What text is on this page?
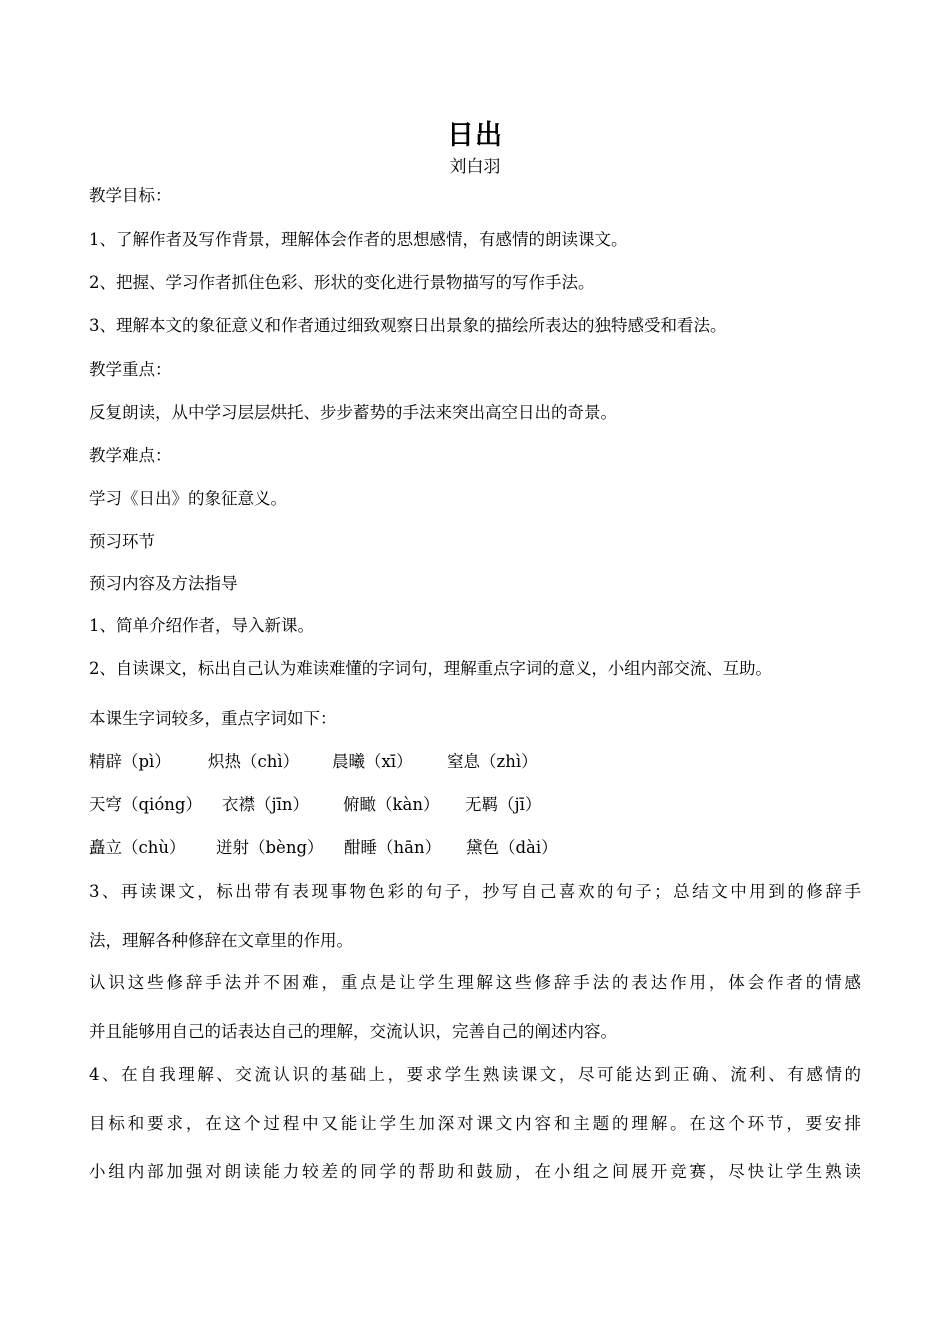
日出
刘白羽
教学目标：
1、了解作者及写作背景，理解体会作者的思想感情，有感情的朗读课文。
2、把握、学习作者抓住色彩、形状的变化进行景物描写的写作手法。
3、理解本文的象征意义和作者通过细致观察日出景象的描绘所表达的独特感受和看法。
教学重点：
反复朗读，从中学习层层烘托、步步蓄势的手法来突出高空日出的奇景。
教学难点：
学习《日出》的象征意义。
预习环节
预习内容及方法指导
1、简单介绍作者，导入新课。
2、自读课文，标出自己认为难读难懂的字词句，理解重点字词的意义，小组内部交流、互助。
本课生字词较多，重点字词如下：
精辟（pì） 炽热（chì） 晨曦（xī） 窒息（zhì）
天穹（qióng） 衣襟（jīn） 俯瞰（kàn） 无羁（jī）
矗立（chù） 迸射（bèng） 酣睡（hān） 黛色（dài）
3、再读课文，标出带有表现事物色彩的句子，抄写自己喜欢的句子；总结文中用到的修辞手
法，理解各种修辞在文章里的作用。
认识这些修辞手法并不困难，重点是让学生理解这些修辞手法的表达作用，体会作者的情感
并且能够用自己的话表达自己的理解，交流认识，完善自己的阐述内容。
4、在自我理解、交流认识的基础上，要求学生熟读课文，尽可能达到正确、流利、有感情的
目标和要求，在这个过程中又能让学生加深对课文内容和主题的理解。在这个环节，要安排
小组内部加强对朗读能力较差的同学的帮助和鼓励，在小组之间展开竞赛，尽快让学生熟读
